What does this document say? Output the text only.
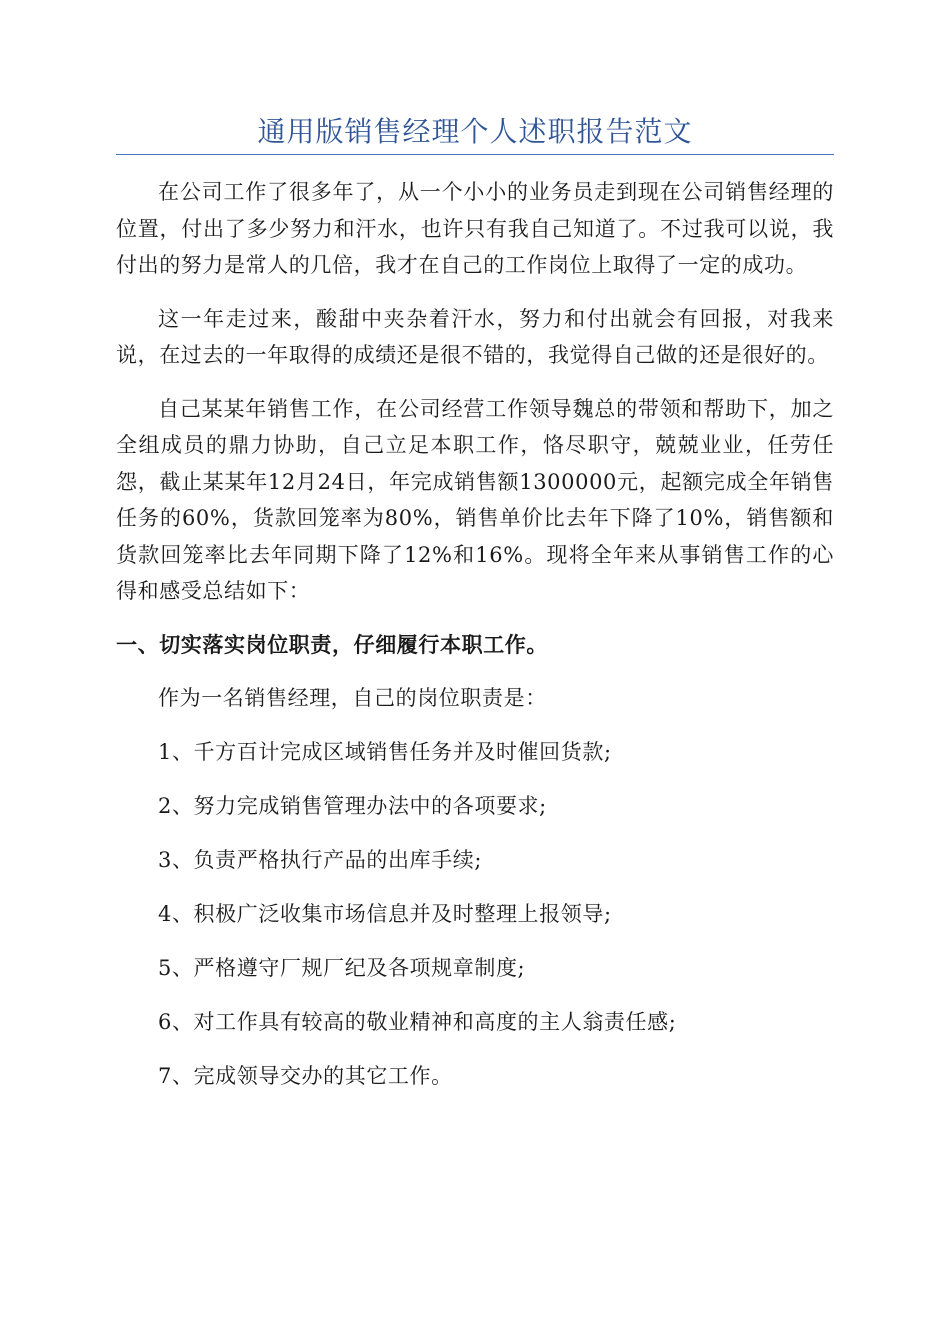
通用版销售经理个人述职报告范文

在公司工作了很多年了，从一个小小的业务员走到现在公司销售经理的位置，付出了多少努力和汗水，也许只有我自己知道了。不过我可以说，我付出的努力是常人的几倍，我才在自己的工作岗位上取得了一定的成功。

这一年走过来，酸甜中夹杂着汗水，努力和付出就会有回报，对我来说，在过去的一年取得的成绩还是很不错的，我觉得自己做的还是很好的。

自己某某年销售工作，在公司经营工作领导魏总的带领和帮助下，加之全组成员的鼎力协助，自己立足本职工作，恪尽职守，兢兢业业，任劳任怨，截止某某年12月24日，年完成销售额1300000元，起额完成全年销售任务的60%，货款回笼率为80%，销售单价比去年下降了10%，销售额和货款回笼率比去年同期下降了12%和16%。现将全年来从事销售工作的心得和感受总结如下：

一、切实落实岗位职责，仔细履行本职工作。

作为一名销售经理，自己的岗位职责是：

1、千方百计完成区域销售任务并及时催回货款;

2、努力完成销售管理办法中的各项要求;

3、负责严格执行产品的出库手续;

4、积极广泛收集市场信息并及时整理上报领导;

5、严格遵守厂规厂纪及各项规章制度;

6、对工作具有较高的敬业精神和高度的主人翁责任感;

7、完成领导交办的其它工作。
